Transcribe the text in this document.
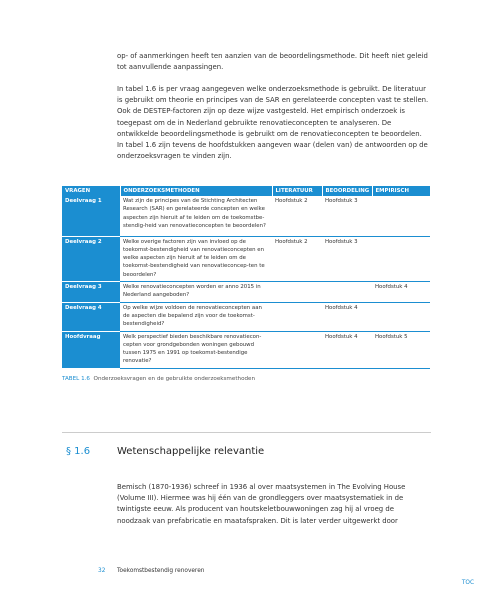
op- of aanmerkingen heeft ten aanzien van de beoordelingsmethode. Dit heeft niet geleid tot aanvullende aanpassingen.

In tabel 1.6 is per vraag aangegeven welke onderzoeksmethode is gebruikt. De literatuur is gebruikt om theorie en principes van de SAR en gerelateerde concepten vast te stellen. Ook de DESTEP-factoren zijn op deze wijze vastgesteld. Het empirisch onderzoek is toegepast om de in Nederland gebruikte renovatieconcepten te analyseren. De ontwikkelde beoordelingsmethode is gebruikt om de renovatieconcepten te beoordelen. In tabel 1.6 zijn tevens de hoofdstukken aangeven waar (delen van) de antwoorden op de onderzoeksvragen te vinden zijn.

VRAGEN	ONDERZOEKSMETHODEN	LITERATUUR	BEOORDELING	EMPIRISCH
Deelvraag 1	Wat zijn de principes van de Stichting Architecten Research (SAR) en gerelateerde concepten en welke aspecten zijn hieruit af te leiden om de toekomstbe-stendig-heid van renovatieconcepten te beoordelen?	Hoofdstuk 2	Hoofdstuk 3	
Deelvraag 2	Welke overige factoren zijn van invloed op de toekomst-bestendigheid van renovatieconcepten en welke aspecten zijn hieruit af te leiden om de toekomst-bestendigheid van renovatieconcep-ten te beoordelen?	Hoofdstuk 2	Hoofdstuk 3	
Deelvraag 3	Welke renovatieconcepten worden er anno 2015 in Nederland aangeboden?			Hoofdstuk 4
Deelvraag 4	Op welke wijze voldoen de renovatieconcepten aan de aspecten die bepalend zijn voor de toekomst-bestendigheid?		Hoofdstuk 4	
Hoofdvraag	Welk perspectief bieden beschikbare renovatiecon-cepten voor grondgebonden woningen gebouwd tussen 1975 en 1991 op toekomst-bestendige renovatie?		Hoofdstuk 4	Hoofdstuk 5

TABEL 1.6 Onderzoeksvragen en de gebruikte onderzoeksmethoden

§ 1.6	Wetenschappelijke relevantie

Bemisch (1870-1936) schreef in 1936 al over maatsystemen in The Evolving House (Volume III). Hiermee was hij één van de grondleggers over maatsystematiek in de twintigste eeuw. Als producent van houtskeletbouwwoningen zag hij al vroeg de noodzaak van prefabricatie en maatafspraken. Dit is later verder uitgewerkt door

32 Toekomstbestendig renoveren
TOC
